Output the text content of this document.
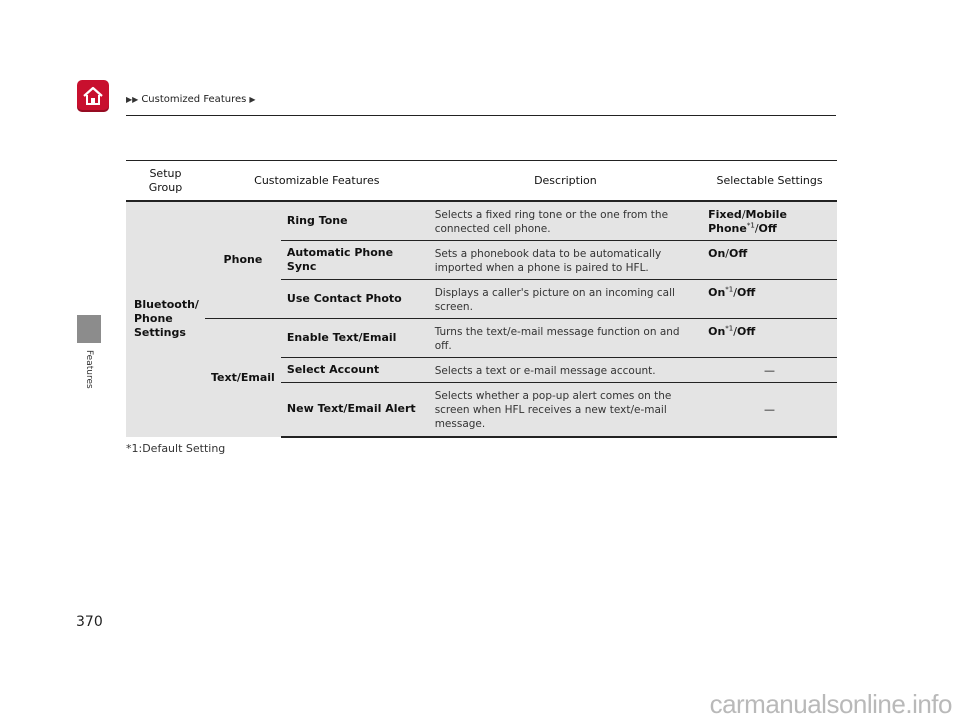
▶▶ Customized Features ▶
Features
Setup
Group	Customizable Features		Description	Selectable Settings
Bluetooth/
Phone
Settings	Phone	Ring Tone	Selects a fixed ring tone or the one from the connected cell phone.	Fixed/Mobile Phone$^{*1}$/Off
		Automatic Phone Sync	Sets a phonebook data to be automatically imported when a phone is paired to HFL.	On/Off
		Use Contact Photo	Displays a caller's picture on an incoming call screen.	On$^{*1}$/Off
	Text/Email	Enable Text/Email	Turns the text/e-mail message function on and off.	On$^{*1}$/Off
		Select Account	Selects a text or e-mail message account.	—
		New Text/Email Alert	Selects whether a pop-up alert comes on the screen when HFL receives a new text/e-mail message.	—
*1:Default Setting
370
carmanualsonline.info
